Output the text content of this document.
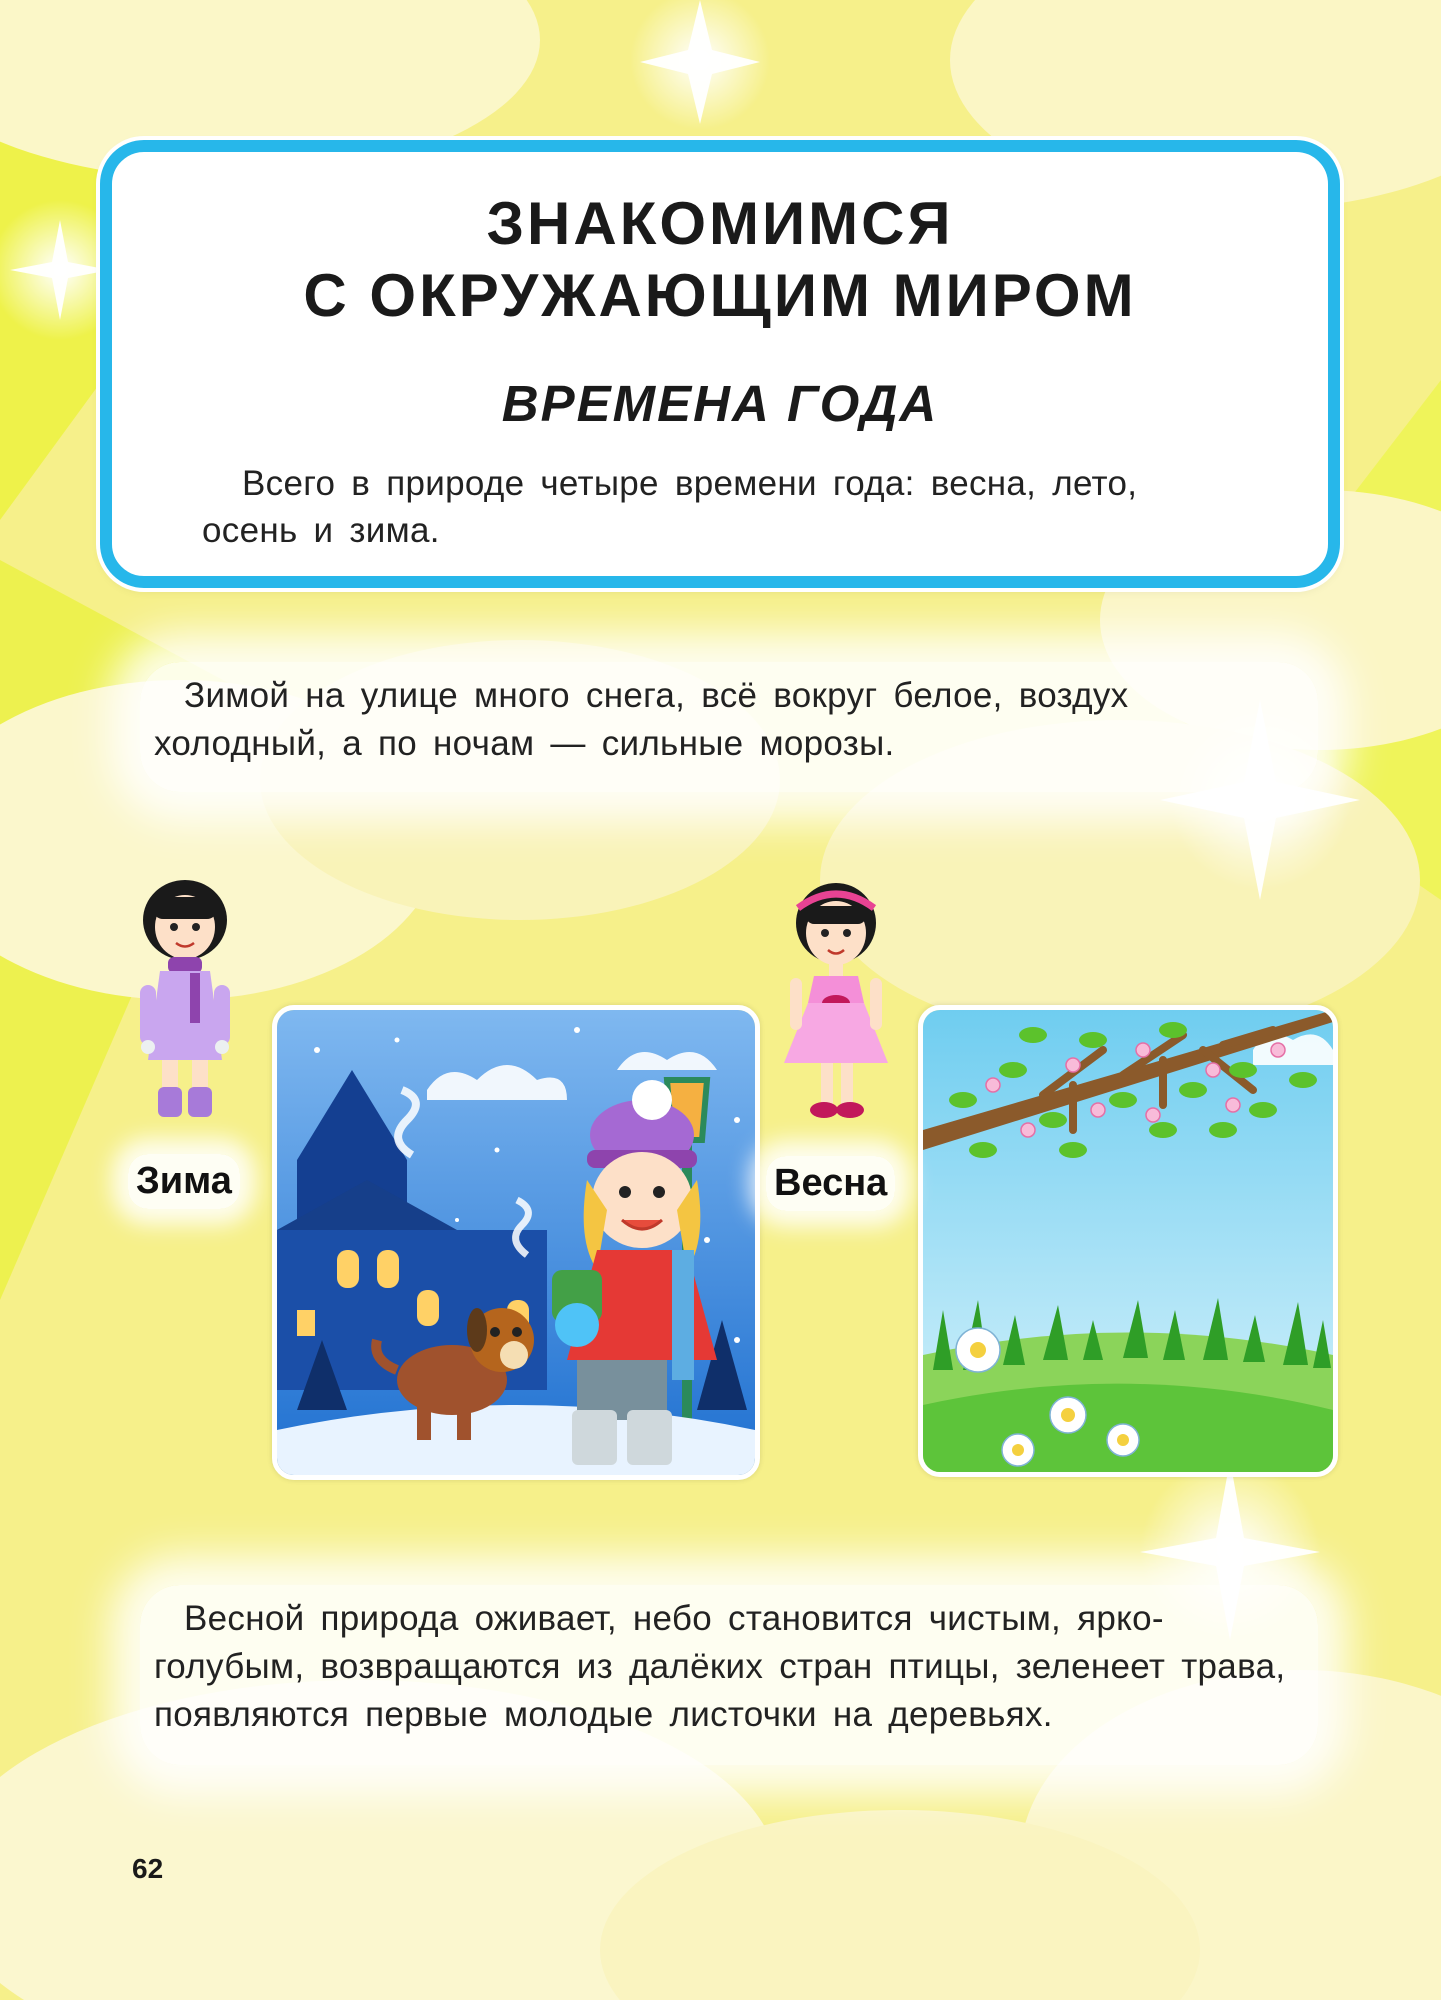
ЗНАКОМИМСЯ
С ОКРУЖАЮЩИМ МИРОМ
ВРЕМЕНА ГОДА

Всего в природе четыре времени года: весна, лето, осень и зима.

Зимой на улице много снега, всё вокруг белое, воздух холодный, а по ночам — сильные морозы.

Зима	Весна

Весной природа оживает, небо становится чистым, ярко-голубым, возвращаются из далёких стран птицы, зеленеет трава, появляются первые молодые листочки на деревьях.

62
